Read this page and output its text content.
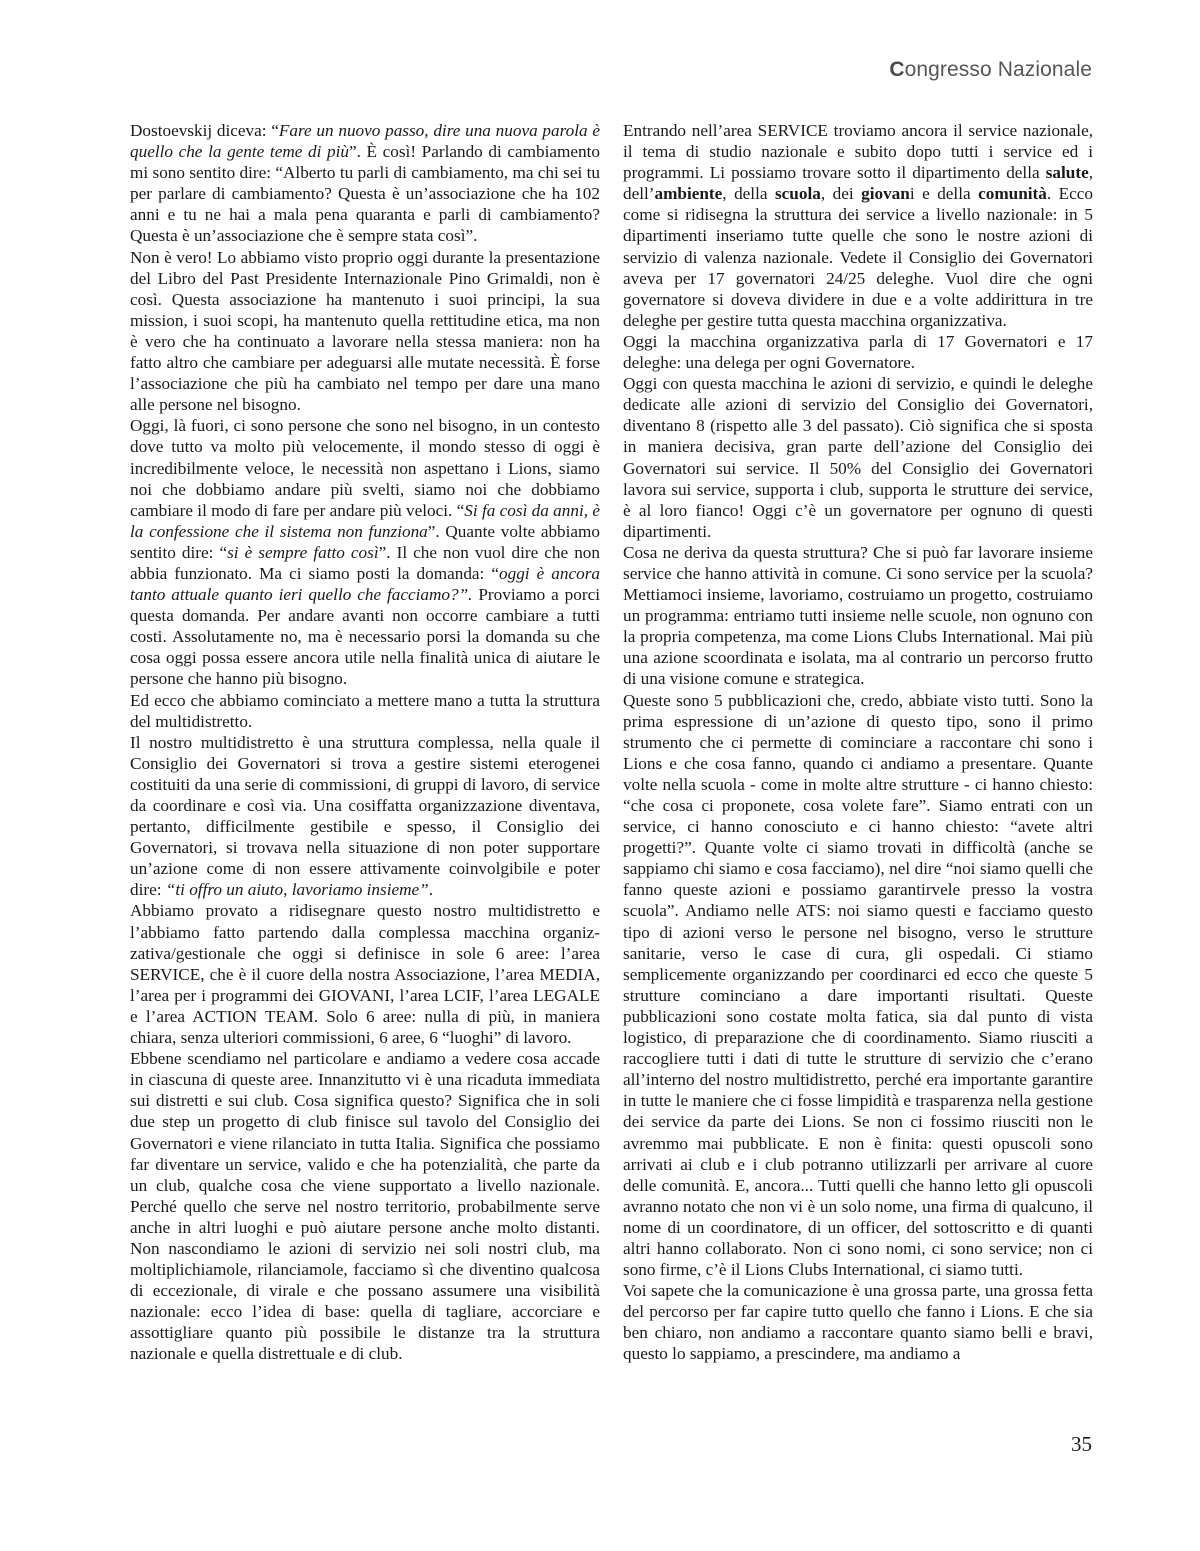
Congresso Nazionale

Dostoevskij diceva: “Fare un nuovo passo, dire una nuova parola è quello che la gente teme di più”. È così! Parlando di cambiamento mi sono sentito dire: “Alberto tu parli di cambiamento, ma chi sei tu per parlare di cambiamento? Questa è un’associazione che ha 102 anni e tu ne hai a mala pena quaranta e parli di cambiamento? Questa è un’associazione che è sempre stata così”.

Non è vero! Lo abbiamo visto proprio oggi durante la presentazione del Libro del Past Presidente Internazionale Pino Grimaldi, non è così. Questa associazione ha mantenuto i suoi principi, la sua mission, i suoi scopi, ha mantenuto quella rettitudine etica, ma non è vero che ha continuato a lavorare nella stessa maniera: non ha fatto altro che cambiare per adeguarsi alle mutate necessità. È forse l’associazione che più ha cambiato nel tempo per dare una mano alle persone nel bisogno.

Oggi, là fuori, ci sono persone che sono nel bisogno, in un contesto dove tutto va molto più velocemente, il mondo stesso di oggi è incredibilmente veloce, le necessità non aspettano i Lions, siamo noi che dobbiamo andare più svelti, siamo noi che dobbiamo cambiare il modo di fare per andare più veloci. “Si fa così da anni, è la confessione che il sistema non funziona”. Quante volte abbiamo sentito dire: “si è sempre fatto così”. Il che non vuol dire che non abbia funzionato. Ma ci siamo posti la domanda: “oggi è ancora tanto attuale quanto ieri quello che facciamo?”. Proviamo a porci questa domanda. Per andare avanti non occorre cambiare a tutti costi. Assolutamente no, ma è necessario porsi la domanda su che cosa oggi possa essere ancora utile nella finalità unica di aiutare le persone che hanno più bisogno.

Ed ecco che abbiamo cominciato a mettere mano a tutta la struttura del multidistretto.

Il nostro multidistretto è una struttura complessa, nella quale il Consiglio dei Governatori si trova a gestire sistemi eterogenei costituiti da una serie di commissioni, di gruppi di lavoro, di service da coordinare e così via. Una cosiffatta organizzazione diventava, pertanto, difficilmente gestibile e spesso, il Consiglio dei Governatori, si trovava nella situazione di non poter supportare un’azione come di non essere attivamente coinvolgibile e poter dire: “ti offro un aiuto, lavoriamo insieme”.

Abbiamo provato a ridisegnare questo nostro multidistretto e l’abbiamo fatto partendo dalla complessa macchina organizzativa/gestionale che oggi si definisce in sole 6 aree: l’area SERVICE, che è il cuore della nostra Associazione, l’area MEDIA, l’area per i programmi dei GIOVANI, l’area LCIF, l’area LEGALE e l’area ACTION TEAM. Solo 6 aree: nulla di più, in maniera chiara, senza ulteriori commissioni, 6 aree, 6 “luoghi” di lavoro.

Ebbene scendiamo nel particolare e andiamo a vedere cosa accade in ciascuna di queste aree. Innanzitutto vi è una ricaduta immediata sui distretti e sui club. Cosa significa questo? Significa che in soli due step un progetto di club finisce sul tavolo del Consiglio dei Governatori e viene rilanciato in tutta Italia. Significa che possiamo far diventare un service, valido e che ha potenzialità, che parte da un club, qualche cosa che viene supportato a livello nazionale. Perché quello che serve nel nostro territorio, probabilmente serve anche in altri luoghi e può aiutare persone anche molto distanti. Non nascondiamo le azioni di servizio nei soli nostri club, ma moltiplichiamole, rilanciamole, facciamo sì che diventino qualcosa di eccezionale, di virale e che possano assumere una visibilità nazionale: ecco l’idea di base: quella di tagliare, accorciare e assottigliare quanto più possibile le distanze tra la struttura nazionale e quella distrettuale e di club.

Entrando nell’area SERVICE troviamo ancora il service nazionale, il tema di studio nazionale e subito dopo tutti i service ed i programmi. Li possiamo trovare sotto il dipartimento della salute, dell’ambiente, della scuola, dei giovani e della comunità. Ecco come si ridisegna la struttura dei service a livello nazionale: in 5 dipartimenti inseriamo tutte quelle che sono le nostre azioni di servizio di valenza nazionale. Vedete il Consiglio dei Governatori aveva per 17 governatori 24/25 deleghe. Vuol dire che ogni governatore si doveva dividere in due e a volte addirittura in tre deleghe per gestire tutta questa macchina organizzativa.

Oggi la macchina organizzativa parla di 17 Governatori e 17 deleghe: una delega per ogni Governatore.

Oggi con questa macchina le azioni di servizio, e quindi le deleghe dedicate alle azioni di servizio del Consiglio dei Governatori, diventano 8 (rispetto alle 3 del passato). Ciò significa che si sposta in maniera decisiva, gran parte dell’azione del Consiglio dei Governatori sui service. Il 50% del Consiglio dei Governatori lavora sui service, supporta i club, supporta le strutture dei service, è al loro fianco! Oggi c’è un governatore per ognuno di questi dipartimenti.

Cosa ne deriva da questa struttura? Che si può far lavorare insieme service che hanno attività in comune. Ci sono service per la scuola? Mettiamoci insieme, lavoriamo, costruiamo un progetto, costruiamo un programma: entriamo tutti insieme nelle scuole, non ognuno con la propria competenza, ma come Lions Clubs International. Mai più una azione scoordinata e isolata, ma al contrario un percorso frutto di una visione comune e strategica.

Queste sono 5 pubblicazioni che, credo, abbiate visto tutti. Sono la prima espressione di un’azione di questo tipo, sono il primo strumento che ci permette di cominciare a raccontare chi sono i Lions e che cosa fanno, quando ci andiamo a presentare. Quante volte nella scuola - come in molte altre strutture - ci hanno chiesto: “che cosa ci proponete, cosa volete fare”. Siamo entrati con un service, ci hanno conosciuto e ci hanno chiesto: “avete altri progetti?”. Quante volte ci siamo trovati in difficoltà (anche se sappiamo chi siamo e cosa facciamo), nel dire “noi siamo quelli che fanno queste azioni e possiamo garantirvele presso la vostra scuola”. Andiamo nelle ATS: noi siamo questi e facciamo questo tipo di azioni verso le persone nel bisogno, verso le strutture sanitarie, verso le case di cura, gli ospedali. Ci stiamo semplicemente organizzando per coordinarci ed ecco che queste 5 strutture cominciano a dare importanti risultati. Queste pubblicazioni sono costate molta fatica, sia dal punto di vista logistico, di preparazione che di coordinamento. Siamo riusciti a raccogliere tutti i dati di tutte le strutture di servizio che c’erano all’interno del nostro multidistretto, perché era importante garantire in tutte le maniere che ci fosse limpidità e trasparenza nella gestione dei service da parte dei Lions. Se non ci fossimo riusciti non le avremmo mai pubblicate. E non è finita: questi opuscoli sono arrivati ai club e i club potranno utilizzarli per arrivare al cuore delle comunità. E, ancora... Tutti quelli che hanno letto gli opuscoli avranno notato che non vi è un solo nome, una firma di qualcuno, il nome di un coordinatore, di un officer, del sottoscritto e di quanti altri hanno collaborato. Non ci sono nomi, ci sono service; non ci sono firme, c’è il Lions Clubs International, ci siamo tutti.

Voi sapete che la comunicazione è una grossa parte, una grossa fetta del percorso per far capire tutto quello che fanno i Lions. E che sia ben chiaro, non andiamo a raccontare quanto siamo belli e bravi, questo lo sappiamo, a prescindere, ma andiamo a

35
